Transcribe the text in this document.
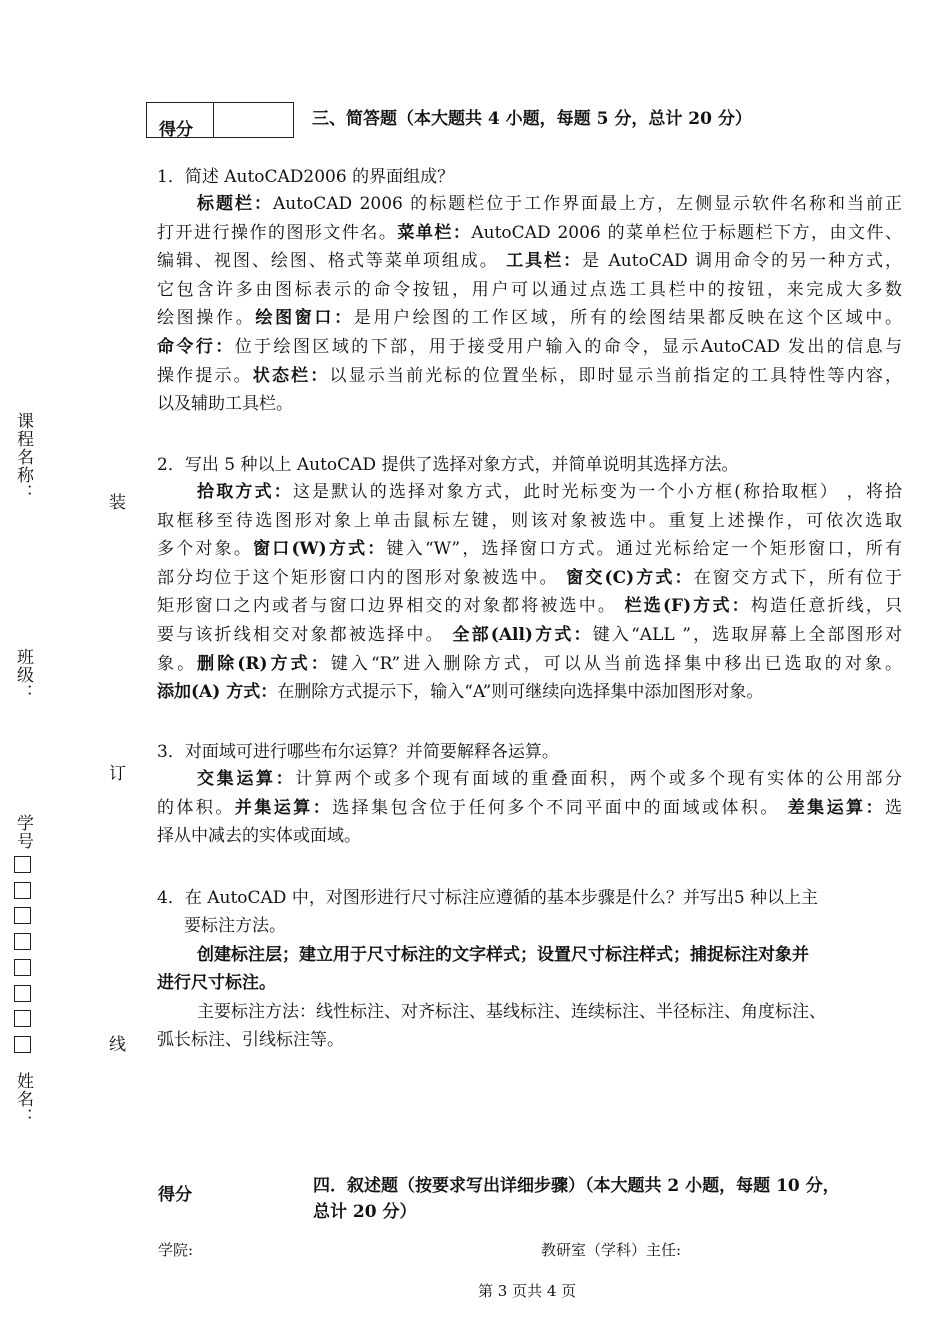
得分
三、简答题（本大题共 4 小题，每题 5 分，总计 20 分）
1．简述 AutoCAD2006 的界面组成？
标题栏：AutoCAD 2006 的标题栏位于工作界面最上方，左侧显示软件名称和当前正
打开进行操作的图形文件名。菜单栏：AutoCAD 2006 的菜单栏位于标题栏下方，由文件、
编辑、视图、绘图、格式等菜单项组成。 工具栏：是 AutoCAD 调用命令的另一种方式，
它包含许多由图标表示的命令按钮，用户可以通过点选工具栏中的按钮，来完成大多数
绘图操作。绘图窗口：是用户绘图的工作区域，所有的绘图结果都反映在这个区域中。
命令行：位于绘图区域的下部，用于接受用户输入的命令，显示AutoCAD 发出的信息与
操作提示。状态栏：以显示当前光标的位置坐标，即时显示当前指定的工具特性等内容，
以及辅助工具栏。
2．写出 5 种以上 AutoCAD 提供了选择对象方式，并简单说明其选择方法。
拾取方式：这是默认的选择对象方式，此时光标变为一个小方框(称拾取框） ，将拾
取框移至待选图形对象上单击鼠标左键，则该对象被选中。重复上述操作，可依次选取
多个对象。窗口(W)方式：键入“W”，选择窗口方式。通过光标给定一个矩形窗口，所有
部分均位于这个矩形窗口内的图形对象被选中。 窗交(C)方式：在窗交方式下，所有位于
矩形窗口之内或者与窗口边界相交的对象都将被选中。 栏选(F)方式：构造任意折线，只
要与该折线相交对象都被选择中。 全部(All)方式：键入“ALL ”，选取屏幕上全部图形对
象。删除(R)方式：键入“R”进入删除方式，可以从当前选择集中移出已选取的对象。
添加(A) 方式：在删除方式提示下，输入“A”则可继续向选择集中添加图形对象。
3．对面域可进行哪些布尔运算？并简要解释各运算。
交集运算：计算两个或多个现有面域的重叠面积，两个或多个现有实体的公用部分
的体积。并集运算：选择集包含位于任何多个不同平面中的面域或体积。 差集运算：选
择从中减去的实体或面域。
4．在 AutoCAD 中，对图形进行尺寸标注应遵循的基本步骤是什么？并写出5 种以上主
要标注方法。
创建标注层；建立用于尺寸标注的文字样式；设置尺寸标注样式；捕捉标注对象并
进行尺寸标注。
主要标注方法：线性标注、对齐标注、基线标注、连续标注、半径标注、角度标注、
弧长标注、引线标注等。
得分	四．叙述题（按要求写出详细步骤）（本大题共 2 小题，每题 10 分，
总计 20 分）
课程名称：
班级：
学号
姓名：
装
订
线
学院:	教研室（学科）主任:
第 3 页共 4 页
